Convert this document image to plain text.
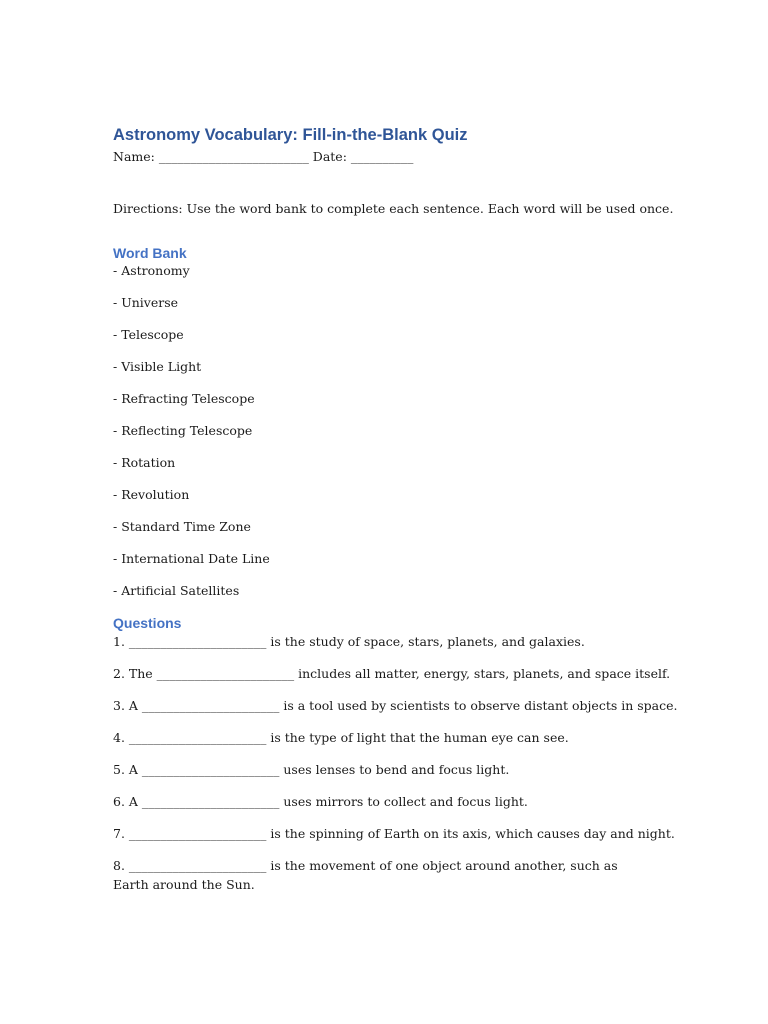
Astronomy Vocabulary: Fill-in-the-Blank Quiz
Name: ________________________ Date: __________
Directions: Use the word bank to complete each sentence. Each word will be used once.
Word Bank
- Astronomy
- Universe
- Telescope
- Visible Light
- Refracting Telescope
- Reflecting Telescope
- Rotation
- Revolution
- Standard Time Zone
- International Date Line
- Artificial Satellites
Questions
1. ______________________ is the study of space, stars, planets, and galaxies.
2. The ______________________ includes all matter, energy, stars, planets, and space itself.
3. A ______________________ is a tool used by scientists to observe distant objects in space.
4. ______________________ is the type of light that the human eye can see.
5. A ______________________ uses lenses to bend and focus light.
6. A ______________________ uses mirrors to collect and focus light.
7. ______________________ is the spinning of Earth on its axis, which causes day and night.
8. ______________________ is the movement of one object around another, such as Earth around the Sun.
